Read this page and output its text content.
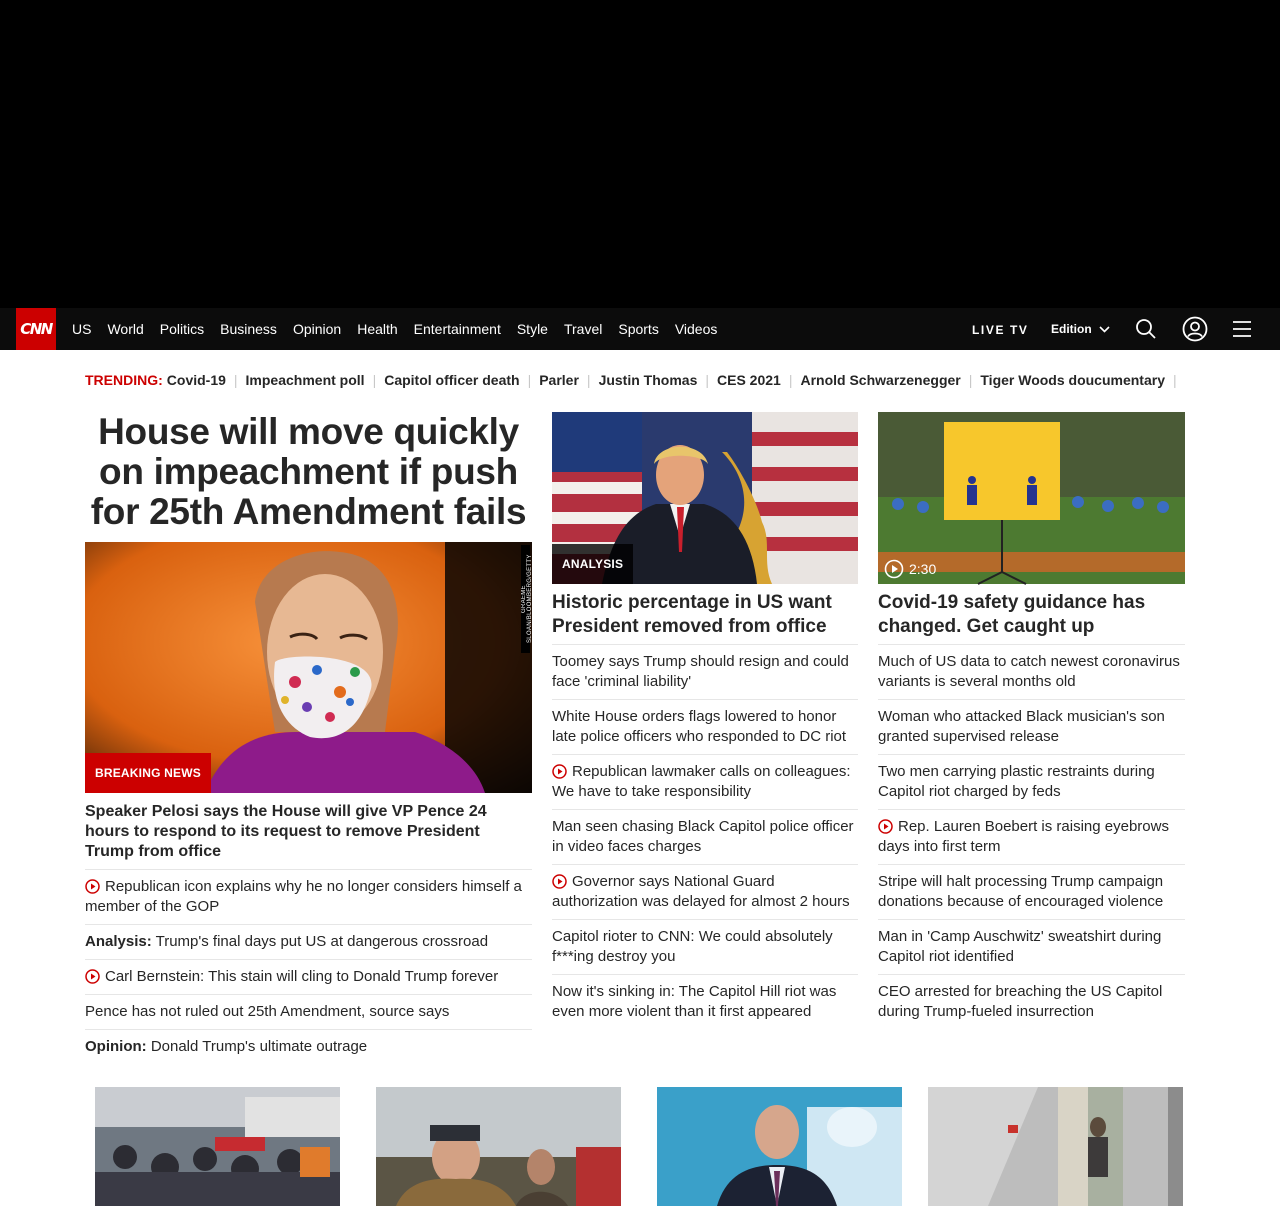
CNN	US	World	Politics	Business	Opinion	Health	Entertainment	Style	Travel	Sports	Videos	LIVE TV Edition
TRENDING: Covid-19 | Impeachment poll | Capitol officer death | Parler | Justin Thomas | CES 2021 | Arnold Schwarzenegger | Tiger Woods doucumentary |
House will move quickly on impeachment if push for 25th Amendment fails
GRAEME SLOAN/BLOOMBERG/GETTY IMAGES
BREAKING NEWS
Speaker Pelosi says the House will give VP Pence 24 hours to respond to its request to remove President Trump from office
Republican icon explains why he no longer considers himself a member of the GOP
Analysis: Trump's final days put US at dangerous crossroad
Carl Bernstein: This stain will cling to Donald Trump forever
Pence has not ruled out 25th Amendment, source says
Opinion: Donald Trump's ultimate outrage
ANALYSIS
Historic percentage in US want President removed from office
Toomey says Trump should resign and could face 'criminal liability'
White House orders flags lowered to honor late police officers who responded to DC riot
Republican lawmaker calls on colleagues: We have to take responsibility
Man seen chasing Black Capitol police officer in video faces charges
Governor says National Guard authorization was delayed for almost 2 hours
Capitol rioter to CNN: We could absolutely f***ing destroy you
Now it's sinking in: The Capitol Hill riot was even more violent than it first appeared
2:30
Covid-19 safety guidance has changed. Get caught up
Much of US data to catch newest coronavirus variants is several months old
Woman who attacked Black musician's son granted supervised release
Two men carrying plastic restraints during Capitol riot charged by feds
Rep. Lauren Boebert is raising eyebrows days into first term
Stripe will halt processing Trump campaign donations because of encouraged violence
Man in 'Camp Auschwitz' sweatshirt during Capitol riot identified
CEO arrested for breaching the US Capitol during Trump-fueled insurrection
